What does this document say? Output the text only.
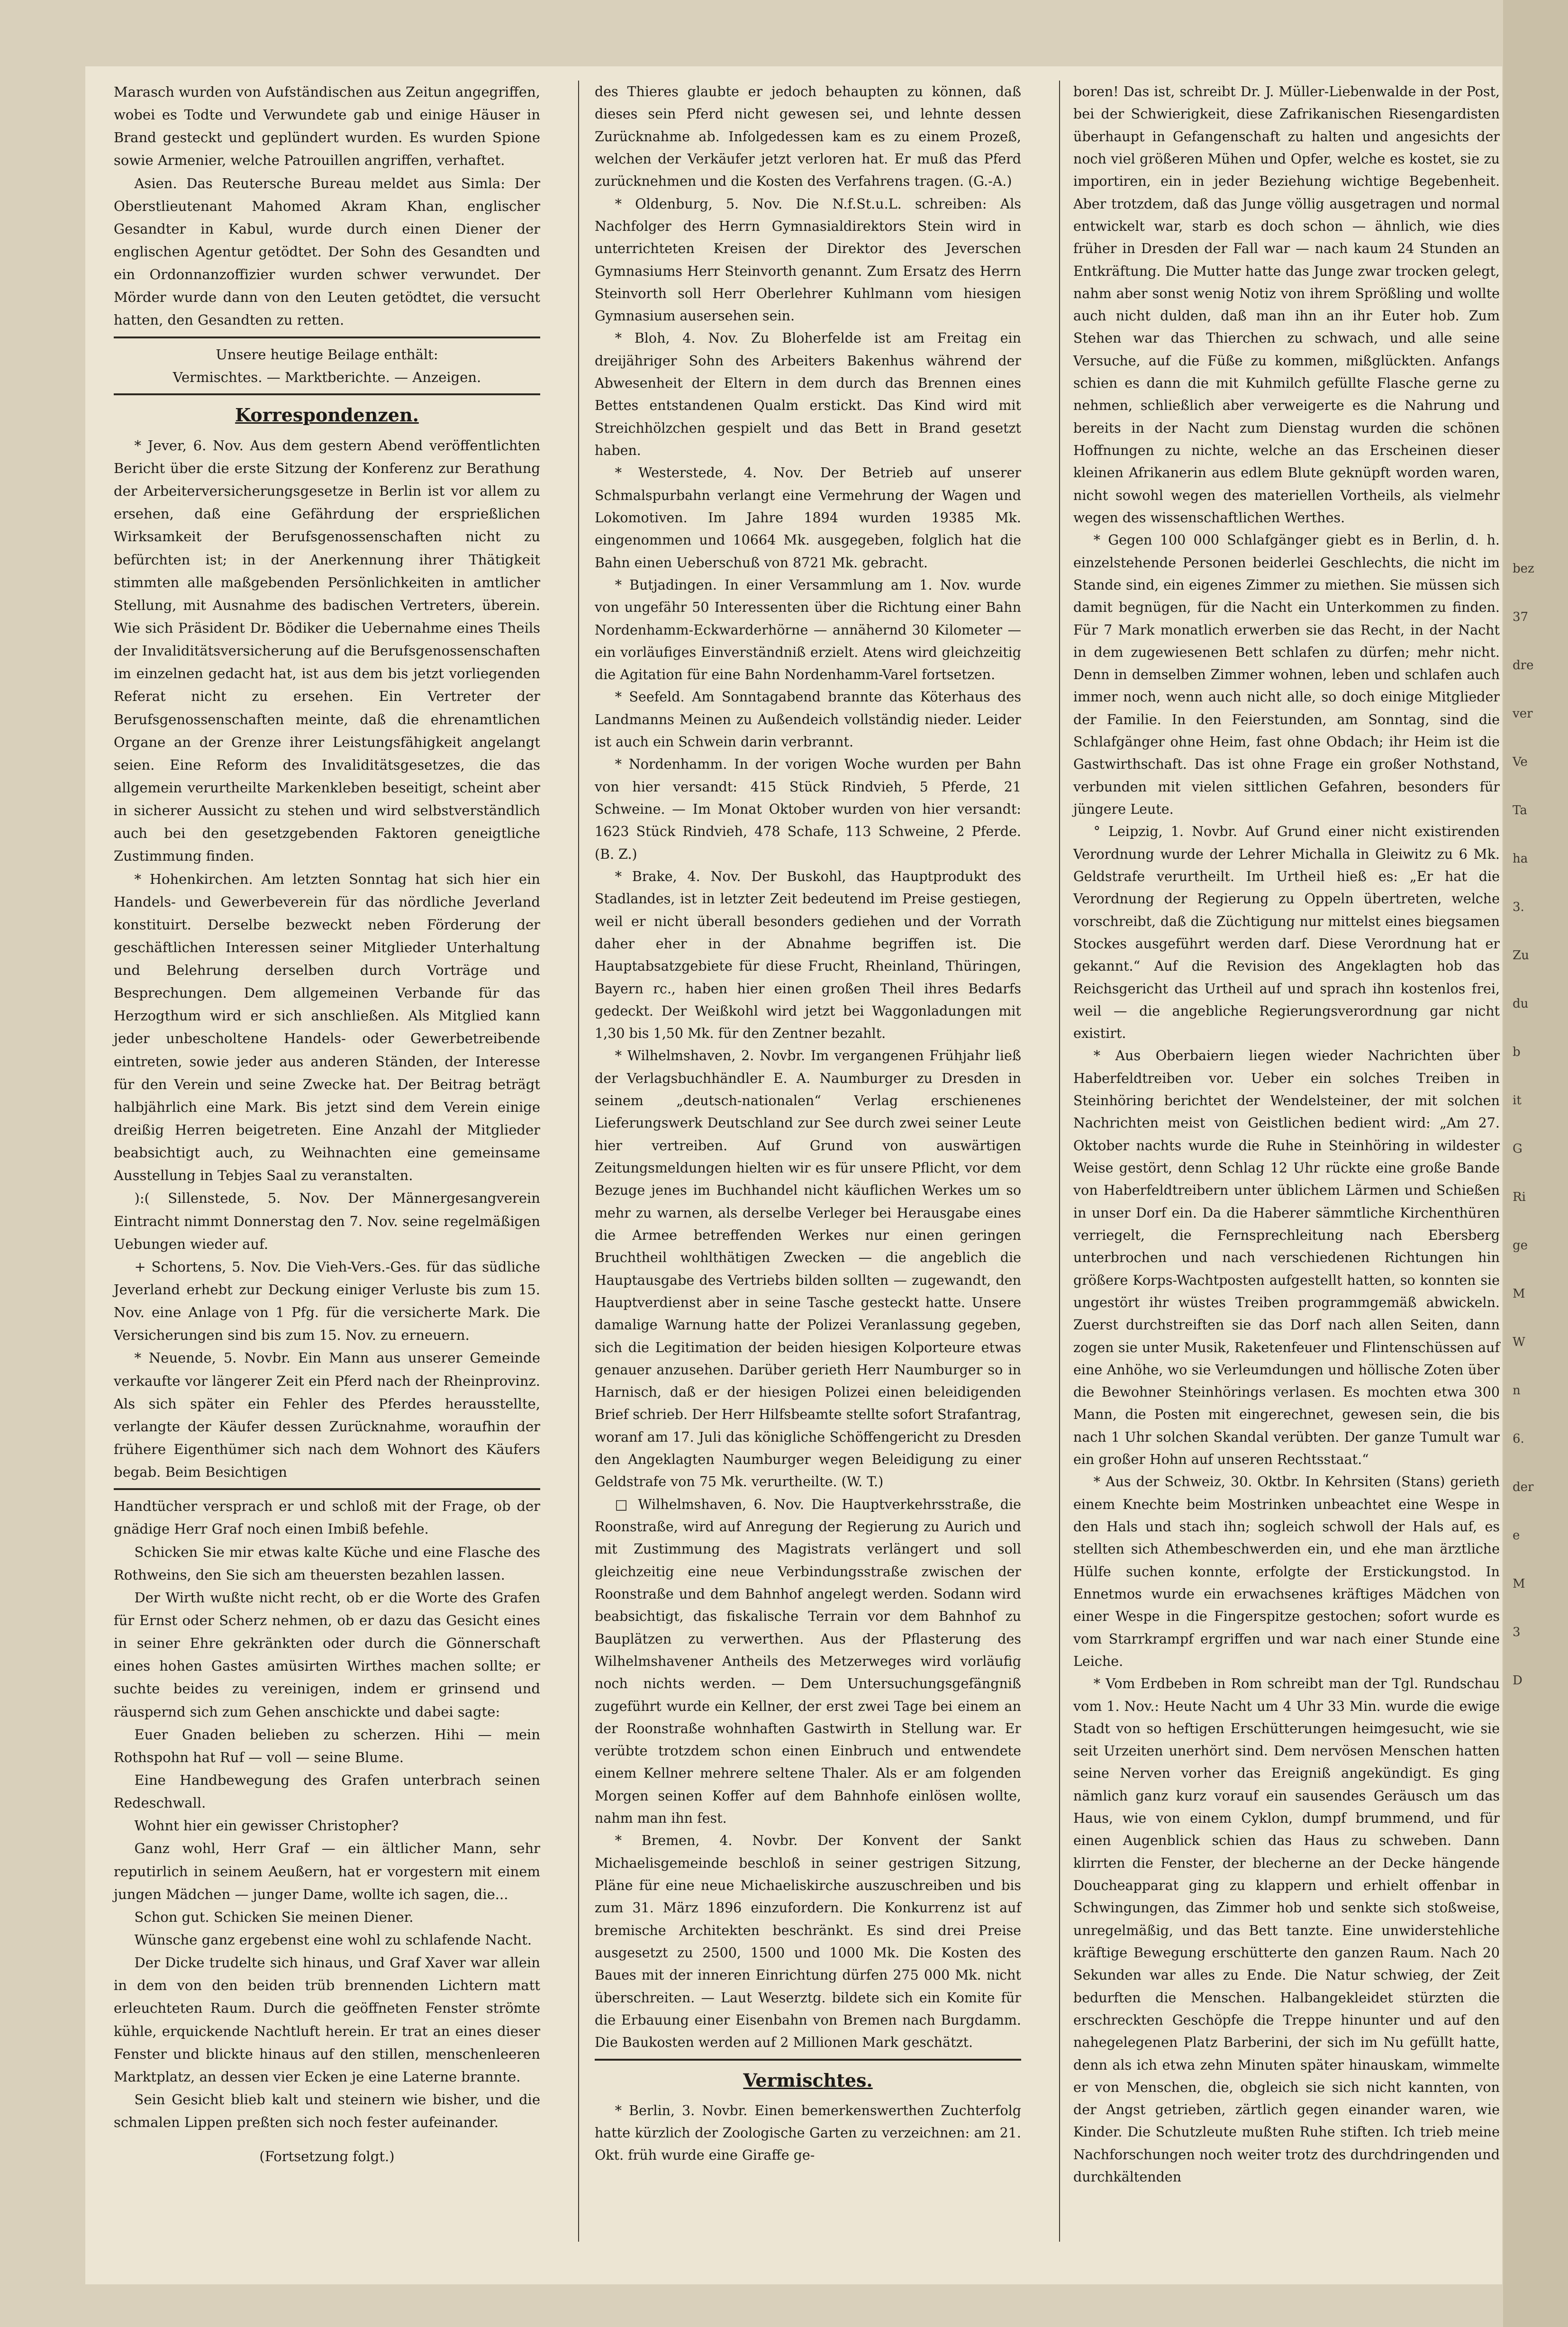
bez
37
dre
ver
Ve
Ta
ha
3.
Zu
du
b
it
G
Ri
ge
M
W
n
6.
der
e
M
3
D

Marasch wurden von Aufständischen aus Zeitun angegriffen, wobei es Todte und Verwundete gab und einige Häuser in Brand gesteckt und geplündert wurden. Es wurden Spione sowie Armenier, welche Patrouillen angriffen, verhaftet.

Asien. Das Reutersche Bureau meldet aus Simla: Der Oberstlieutenant Mahomed Akram Khan, englischer Gesandter in Kabul, wurde durch einen Diener der englischen Agentur getödtet. Der Sohn des Gesandten und ein Ordonnanzoffizier wurden schwer verwundet. Der Mörder wurde dann von den Leuten getödtet, die versucht hatten, den Gesandten zu retten.

Unsere heutige Beilage enthält:

Vermischtes. — Marktberichte. — Anzeigen.

Korrespondenzen.

* Jever, 6. Nov. Aus dem gestern Abend veröffentlichten Bericht über die erste Sitzung der Konferenz zur Berathung der Arbeiterversicherungsgesetze in Berlin ist vor allem zu ersehen, daß eine Gefährdung der ersprießlichen Wirksamkeit der Berufsgenossenschaften nicht zu befürchten ist; in der Anerkennung ihrer Thätigkeit stimmten alle maßgebenden Persönlichkeiten in amtlicher Stellung, mit Ausnahme des badischen Vertreters, überein. Wie sich Präsident Dr. Bödiker die Uebernahme eines Theils der Invaliditätsversicherung auf die Berufsgenossenschaften im einzelnen gedacht hat, ist aus dem bis jetzt vorliegenden Referat nicht zu ersehen. Ein Vertreter der Berufsgenossenschaften meinte, daß die ehrenamtlichen Organe an der Grenze ihrer Leistungsfähigkeit angelangt seien. Eine Reform des Invaliditätsgesetzes, die das allgemein verurtheilte Markenkleben beseitigt, scheint aber in sicherer Aussicht zu stehen und wird selbstverständlich auch bei den gesetzgebenden Faktoren geneigtliche Zustimmung finden.

* Hohenkirchen. Am letzten Sonntag hat sich hier ein Handels- und Gewerbeverein für das nördliche Jeverland konstituirt. Derselbe bezweckt neben Förderung der geschäftlichen Interessen seiner Mitglieder Unterhaltung und Belehrung derselben durch Vorträge und Besprechungen. Dem allgemeinen Verbande für das Herzogthum wird er sich anschließen. Als Mitglied kann jeder unbescholtene Handels- oder Gewerbetreibende eintreten, sowie jeder aus anderen Ständen, der Interesse für den Verein und seine Zwecke hat. Der Beitrag beträgt halbjährlich eine Mark. Bis jetzt sind dem Verein einige dreißig Herren beigetreten. Eine Anzahl der Mitglieder beabsichtigt auch, zu Weihnachten eine gemeinsame Ausstellung in Tebjes Saal zu veranstalten.

):( Sillenstede, 5. Nov. Der Männergesangverein Eintracht nimmt Donnerstag den 7. Nov. seine regelmäßigen Uebungen wieder auf.

+ Schortens, 5. Nov. Die Vieh-Vers.-Ges. für das südliche Jeverland erhebt zur Deckung einiger Verluste bis zum 15. Nov. eine Anlage von 1 Pfg. für die versicherte Mark. Die Versicherungen sind bis zum 15. Nov. zu erneuern.

* Neuende, 5. Novbr. Ein Mann aus unserer Gemeinde verkaufte vor längerer Zeit ein Pferd nach der Rheinprovinz. Als sich später ein Fehler des Pferdes herausstellte, verlangte der Käufer dessen Zurücknahme, woraufhin der frühere Eigenthümer sich nach dem Wohnort des Käufers begab. Beim Besichtigen

Handtücher versprach er und schloß mit der Frage, ob der gnädige Herr Graf noch einen Imbiß befehle.

Schicken Sie mir etwas kalte Küche und eine Flasche des Rothweins, den Sie sich am theuersten bezahlen lassen.

Der Wirth wußte nicht recht, ob er die Worte des Grafen für Ernst oder Scherz nehmen, ob er dazu das Gesicht eines in seiner Ehre gekränkten oder durch die Gönnerschaft eines hohen Gastes amüsirten Wirthes machen sollte; er suchte beides zu vereinigen, indem er grinsend und räuspernd sich zum Gehen anschickte und dabei sagte:

Euer Gnaden belieben zu scherzen. Hihi — mein Rothspohn hat Ruf — voll — seine Blume.

Eine Handbewegung des Grafen unterbrach seinen Redeschwall.

Wohnt hier ein gewisser Christopher?

Ganz wohl, Herr Graf — ein ältlicher Mann, sehr reputirlich in seinem Aeußern, hat er vorgestern mit einem jungen Mädchen — junger Dame, wollte ich sagen, die...

Schon gut. Schicken Sie meinen Diener.

Wünsche ganz ergebenst eine wohl zu schlafende Nacht.

Der Dicke trudelte sich hinaus, und Graf Xaver war allein in dem von den beiden trüb brennenden Lichtern matt erleuchteten Raum. Durch die geöffneten Fenster strömte kühle, erquickende Nachtluft herein. Er trat an eines dieser Fenster und blickte hinaus auf den stillen, menschenleeren Marktplatz, an dessen vier Ecken je eine Laterne brannte.

Sein Gesicht blieb kalt und steinern wie bisher, und die schmalen Lippen preßten sich noch fester aufeinander.

(Fortsetzung folgt.)

des Thieres glaubte er jedoch behaupten zu können, daß dieses sein Pferd nicht gewesen sei, und lehnte dessen Zurücknahme ab. Infolgedessen kam es zu einem Prozeß, welchen der Verkäufer jetzt verloren hat. Er muß das Pferd zurücknehmen und die Kosten des Verfahrens tragen. (G.-A.)

* Oldenburg, 5. Nov. Die N.f.St.u.L. schreiben: Als Nachfolger des Herrn Gymnasialdirektors Stein wird in unterrichteten Kreisen der Direktor des Jeverschen Gymnasiums Herr Steinvorth genannt. Zum Ersatz des Herrn Steinvorth soll Herr Oberlehrer Kuhlmann vom hiesigen Gymnasium ausersehen sein.

* Bloh, 4. Nov. Zu Bloherfelde ist am Freitag ein dreijähriger Sohn des Arbeiters Bakenhus während der Abwesenheit der Eltern in dem durch das Brennen eines Bettes entstandenen Qualm erstickt. Das Kind wird mit Streichhölzchen gespielt und das Bett in Brand gesetzt haben.

* Westerstede, 4. Nov. Der Betrieb auf unserer Schmalspurbahn verlangt eine Vermehrung der Wagen und Lokomotiven. Im Jahre 1894 wurden 19385 Mk. eingenommen und 10664 Mk. ausgegeben, folglich hat die Bahn einen Ueberschuß von 8721 Mk. gebracht.

* Butjadingen. In einer Versammlung am 1. Nov. wurde von ungefähr 50 Interessenten über die Richtung einer Bahn Nordenhamm-Eckwarderhörne — annähernd 30 Kilometer — ein vorläufiges Einverständniß erzielt. Atens wird gleichzeitig die Agitation für eine Bahn Nordenhamm-Varel fortsetzen.

* Seefeld. Am Sonntagabend brannte das Köterhaus des Landmanns Meinen zu Außendeich vollständig nieder. Leider ist auch ein Schwein darin verbrannt.

* Nordenhamm. In der vorigen Woche wurden per Bahn von hier versandt: 415 Stück Rindvieh, 5 Pferde, 21 Schweine. — Im Monat Oktober wurden von hier versandt: 1623 Stück Rindvieh, 478 Schafe, 113 Schweine, 2 Pferde. (B. Z.)

* Brake, 4. Nov. Der Buskohl, das Hauptprodukt des Stadlandes, ist in letzter Zeit bedeutend im Preise gestiegen, weil er nicht überall besonders gediehen und der Vorrath daher eher in der Abnahme begriffen ist. Die Hauptabsatzgebiete für diese Frucht, Rheinland, Thüringen, Bayern rc., haben hier einen großen Theil ihres Bedarfs gedeckt. Der Weißkohl wird jetzt bei Waggonladungen mit 1,30 bis 1,50 Mk. für den Zentner bezahlt.

* Wilhelmshaven, 2. Novbr. Im vergangenen Frühjahr ließ der Verlagsbuchhändler E. A. Naumburger zu Dresden in seinem „deutsch-nationalen“ Verlag erschienenes Lieferungswerk Deutschland zur See durch zwei seiner Leute hier vertreiben. Auf Grund von auswärtigen Zeitungsmeldungen hielten wir es für unsere Pflicht, vor dem Bezuge jenes im Buchhandel nicht käuflichen Werkes um so mehr zu warnen, als derselbe Verleger bei Herausgabe eines die Armee betreffenden Werkes nur einen geringen Bruchtheil wohlthätigen Zwecken — die angeblich die Hauptausgabe des Vertriebs bilden sollten — zugewandt, den Hauptverdienst aber in seine Tasche gesteckt hatte. Unsere damalige Warnung hatte der Polizei Veranlassung gegeben, sich die Legitimation der beiden hiesigen Kolporteure etwas genauer anzusehen. Darüber gerieth Herr Naumburger so in Harnisch, daß er der hiesigen Polizei einen beleidigenden Brief schrieb. Der Herr Hilfsbeamte stellte sofort Strafantrag, woranf am 17. Juli das königliche Schöffengericht zu Dresden den Angeklagten Naumburger wegen Beleidigung zu einer Geldstrafe von 75 Mk. verurtheilte. (W. T.)

□ Wilhelmshaven, 6. Nov. Die Hauptverkehrsstraße, die Roonstraße, wird auf Anregung der Regierung zu Aurich und mit Zustimmung des Magistrats verlängert und soll gleichzeitig eine neue Verbindungsstraße zwischen der Roonstraße und dem Bahnhof angelegt werden. Sodann wird beabsichtigt, das fiskalische Terrain vor dem Bahnhof zu Bauplätzen zu verwerthen. Aus der Pflasterung des Wilhelmshavener Antheils des Metzerweges wird vorläufig noch nichts werden. — Dem Untersuchungsgefängniß zugeführt wurde ein Kellner, der erst zwei Tage bei einem an der Roonstraße wohnhaften Gastwirth in Stellung war. Er verübte trotzdem schon einen Einbruch und entwendete einem Kellner mehrere seltene Thaler. Als er am folgenden Morgen seinen Koffer auf dem Bahnhofe einlösen wollte, nahm man ihn fest.

* Bremen, 4. Novbr. Der Konvent der Sankt Michaelisgemeinde beschloß in seiner gestrigen Sitzung, Pläne für eine neue Michaeliskirche auszuschreiben und bis zum 31. März 1896 einzufordern. Die Konkurrenz ist auf bremische Architekten beschränkt. Es sind drei Preise ausgesetzt zu 2500, 1500 und 1000 Mk. Die Kosten des Baues mit der inneren Einrichtung dürfen 275 000 Mk. nicht überschreiten. — Laut Weserztg. bildete sich ein Komite für die Erbauung einer Eisenbahn von Bremen nach Burgdamm. Die Baukosten werden auf 2 Millionen Mark geschätzt.

Vermischtes.

* Berlin, 3. Novbr. Einen bemerkenswerthen Zuchterfolg hatte kürzlich der Zoologische Garten zu verzeichnen: am 21. Okt. früh wurde eine Giraffe ge-

boren! Das ist, schreibt Dr. J. Müller-Liebenwalde in der Post, bei der Schwierigkeit, diese Zafrikanischen Riesengardisten überhaupt in Gefangenschaft zu halten und angesichts der noch viel größeren Mühen und Opfer, welche es kostet, sie zu importiren, ein in jeder Beziehung wichtige Begebenheit. Aber trotzdem, daß das Junge völlig ausgetragen und normal entwickelt war, starb es doch schon — ähnlich, wie dies früher in Dresden der Fall war — nach kaum 24 Stunden an Entkräftung. Die Mutter hatte das Junge zwar trocken gelegt, nahm aber sonst wenig Notiz von ihrem Sprößling und wollte auch nicht dulden, daß man ihn an ihr Euter hob. Zum Stehen war das Thierchen zu schwach, und alle seine Versuche, auf die Füße zu kommen, mißglückten. Anfangs schien es dann die mit Kuhmilch gefüllte Flasche gerne zu nehmen, schließlich aber verweigerte es die Nahrung und bereits in der Nacht zum Dienstag wurden die schönen Hoffnungen zu nichte, welche an das Erscheinen dieser kleinen Afrikanerin aus edlem Blute geknüpft worden waren, nicht sowohl wegen des materiellen Vortheils, als vielmehr wegen des wissenschaftlichen Werthes.

* Gegen 100 000 Schlafgänger giebt es in Berlin, d. h. einzelstehende Personen beiderlei Geschlechts, die nicht im Stande sind, ein eigenes Zimmer zu miethen. Sie müssen sich damit begnügen, für die Nacht ein Unterkommen zu finden. Für 7 Mark monatlich erwerben sie das Recht, in der Nacht in dem zugewiesenen Bett schlafen zu dürfen; mehr nicht. Denn in demselben Zimmer wohnen, leben und schlafen auch immer noch, wenn auch nicht alle, so doch einige Mitglieder der Familie. In den Feierstunden, am Sonntag, sind die Schlafgänger ohne Heim, fast ohne Obdach; ihr Heim ist die Gastwirthschaft. Das ist ohne Frage ein großer Nothstand, verbunden mit vielen sittlichen Gefahren, besonders für jüngere Leute.

° Leipzig, 1. Novbr. Auf Grund einer nicht existirenden Verordnung wurde der Lehrer Michalla in Gleiwitz zu 6 Mk. Geldstrafe verurtheilt. Im Urtheil hieß es: „Er hat die Verordnung der Regierung zu Oppeln übertreten, welche vorschreibt, daß die Züchtigung nur mittelst eines biegsamen Stockes ausgeführt werden darf. Diese Verordnung hat er gekannt.“ Auf die Revision des Angeklagten hob das Reichsgericht das Urtheil auf und sprach ihn kostenlos frei, weil — die angebliche Regierungsverordnung gar nicht existirt.

* Aus Oberbaiern liegen wieder Nachrichten über Haberfeldtreiben vor. Ueber ein solches Treiben in Steinhöring berichtet der Wendelsteiner, der mit solchen Nachrichten meist von Geistlichen bedient wird: „Am 27. Oktober nachts wurde die Ruhe in Steinhöring in wildester Weise gestört, denn Schlag 12 Uhr rückte eine große Bande von Haberfeldtreibern unter üblichem Lärmen und Schießen in unser Dorf ein. Da die Haberer sämmtliche Kirchenthüren verriegelt, die Fernsprechleitung nach Ebersberg unterbrochen und nach verschiedenen Richtungen hin größere Korps-Wachtposten aufgestellt hatten, so konnten sie ungestört ihr wüstes Treiben programmgemäß abwickeln. Zuerst durchstreiften sie das Dorf nach allen Seiten, dann zogen sie unter Musik, Raketenfeuer und Flintenschüssen auf eine Anhöhe, wo sie Verleumdungen und höllische Zoten über die Bewohner Steinhörings verlasen. Es mochten etwa 300 Mann, die Posten mit eingerechnet, gewesen sein, die bis nach 1 Uhr solchen Skandal verübten. Der ganze Tumult war ein großer Hohn auf unseren Rechtsstaat.“

* Aus der Schweiz, 30. Oktbr. In Kehrsiten (Stans) gerieth einem Knechte beim Mostrinken unbeachtet eine Wespe in den Hals und stach ihn; sogleich schwoll der Hals auf, es stellten sich Athembeschwerden ein, und ehe man ärztliche Hülfe suchen konnte, erfolgte der Erstickungstod. In Ennetmos wurde ein erwachsenes kräftiges Mädchen von einer Wespe in die Fingerspitze gestochen; sofort wurde es vom Starrkrampf ergriffen und war nach einer Stunde eine Leiche.

* Vom Erdbeben in Rom schreibt man der Tgl. Rundschau vom 1. Nov.: Heute Nacht um 4 Uhr 33 Min. wurde die ewige Stadt von so heftigen Erschütterungen heimgesucht, wie sie seit Urzeiten unerhört sind. Dem nervösen Menschen hatten seine Nerven vorher das Ereigniß angekündigt. Es ging nämlich ganz kurz vorauf ein sausendes Geräusch um das Haus, wie von einem Cyklon, dumpf brummend, und für einen Augenblick schien das Haus zu schweben. Dann klirrten die Fenster, der blecherne an der Decke hängende Doucheapparat ging zu klappern und erhielt offenbar in Schwingungen, das Zimmer hob und senkte sich stoßweise, unregelmäßig, und das Bett tanzte. Eine unwiderstehliche kräftige Bewegung erschütterte den ganzen Raum. Nach 20 Sekunden war alles zu Ende. Die Natur schwieg, der Zeit bedurften die Menschen. Halbangekleidet stürzten die erschreckten Geschöpfe die Treppe hinunter und auf den nahegelegenen Platz Barberini, der sich im Nu gefüllt hatte, denn als ich etwa zehn Minuten später hinauskam, wimmelte er von Menschen, die, obgleich sie sich nicht kannten, von der Angst getrieben, zärtlich gegen einander waren, wie Kinder. Die Schutzleute mußten Ruhe stiften. Ich trieb meine Nachforschungen noch weiter trotz des durchdringenden und durchkältenden
